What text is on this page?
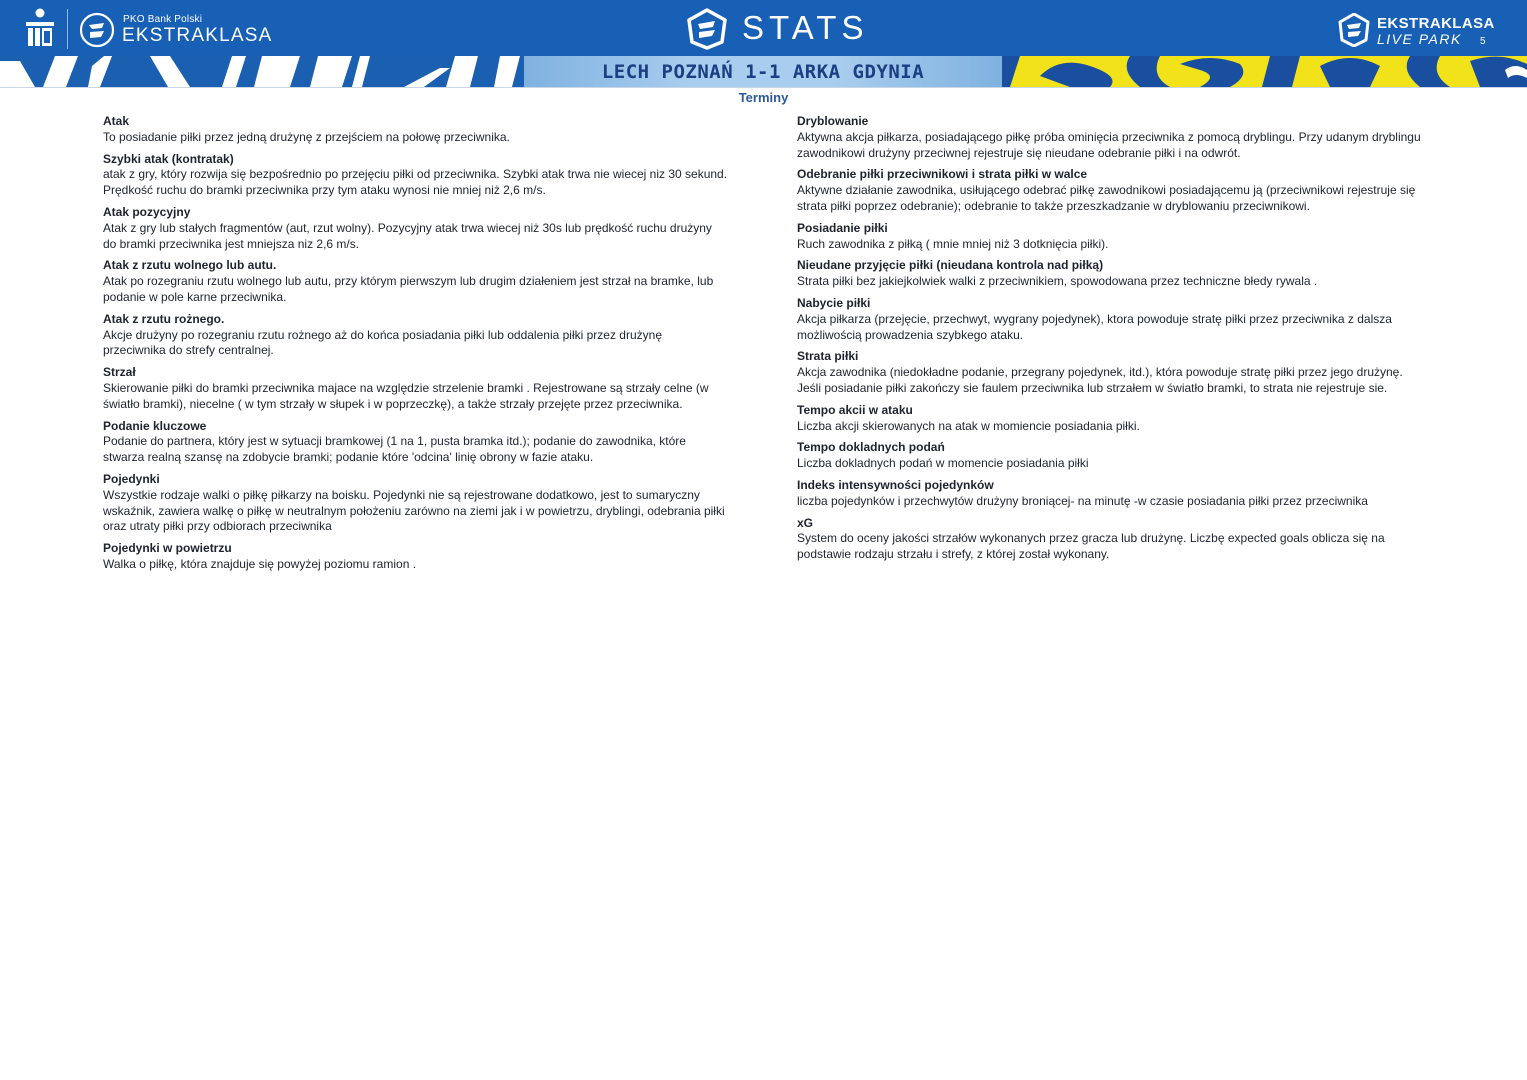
PKO Bank Polski
EKSTRAKLASA	STATS	EKSTRAKLASA
LIVE PARK 5
LECH POZNAŃ 1-1 ARKA GDYNIA
Terminy
Atak
To posiadanie piłki przez jedną drużynę z przejściem na połowę przeciwnika.
Szybki atak (kontratak)
atak z gry, który rozwija się bezpośrednio po przejęciu piłki od przeciwnika. Szybki atak trwa nie wiecej niz 30 sekund. Prędkość ruchu do bramki przeciwnika przy tym ataku wynosi nie mniej niż 2,6 m/s.
Atak pozycyjny
Atak z gry lub stałych fragmentów (aut, rzut wolny). Pozycyjny atak trwa wiecej niż 30s lub prędkość ruchu drużyny do bramki przeciwnika jest mniejsza niz 2,6 m/s.
Atak z rzutu wolnego lub autu.
Atak po rozegraniu rzutu wolnego lub autu, przy którym pierwszym lub drugim działeniem jest strzał na bramke, lub podanie w pole karne przeciwnika.
Atak z rzutu rożnego.
Akcje drużyny po rozegraniu rzutu rożnego aż do końca posiadania piłki lub oddalenia piłki przez drużynę przeciwnika do strefy centralnej.
Strzał
Skierowanie piłki do bramki przeciwnika majace na względzie strzelenie bramki . Rejestrowane są strzały celne (w światło bramki), niecelne ( w tym strzały w słupek i w poprzeczkę), a także strzały przejęte przez przeciwnika.
Podanie kluczowe
Podanie do partnera, który jest w sytuacji bramkowej (1 na 1, pusta bramka itd.); podanie do zawodnika, które stwarza realną szansę na zdobycie bramki; podanie które 'odcina' linię obrony w fazie ataku.
Pojedynki
Wszystkie rodzaje walki o piłkę piłkarzy na boisku. Pojedynki nie są rejestrowane dodatkowo, jest to sumaryczny wskaźnik, zawiera walkę o piłkę w neutralnym położeniu zarówno na ziemi jak i w powietrzu, dryblingi, odebrania piłki oraz utraty piłki przy odbiorach przeciwnika
Pojedynki w powietrzu
Walka o piłkę, która znajduje się powyżej poziomu ramion .
Dryblowanie
Aktywna akcja piłkarza, posiadającego piłkę próba ominięcia przeciwnika z pomocą dryblingu. Przy udanym dryblingu zawodnikowi drużyny przeciwnej rejestruje się nieudane odebranie piłki i na odwrót.
Odebranie piłki przeciwnikowi i strata piłki w walce
Aktywne działanie zawodnika, usiłującego odebrać piłkę zawodnikowi posiadającemu ją (przeciwnikowi rejestruje się strata piłki poprzez odebranie); odebranie to także przeszkadzanie w dryblowaniu przeciwnikowi.
Posiadanie piłki
Ruch zawodnika z piłką ( mnie mniej niż 3 dotknięcia piłki).
Nieudane przyjęcie piłki (nieudana kontrola nad piłką)
Strata piłki bez jakiejkolwiek walki z przeciwnikiem, spowodowana przez techniczne błedy rywala .
Nabycie piłki
Akcja piłkarza (przejęcie, przechwyt, wygrany pojedynek), ktora powoduje stratę piłki przez przeciwnika z dalsza możliwością prowadzenia szybkego ataku.
Strata piłki
Akcja zawodnika (niedokładne podanie, przegrany pojedynek, itd.), która powoduje stratę piłki przez jego drużynę. Jeśli posiadanie piłki zakończy sie faulem przeciwnika lub strzałem w światło bramki, to strata nie rejestruje sie.
Tempo akcii w ataku
Liczba akcji skierowanych na atak w momiencie posiadania piłki.
Tempo dokladnych podań
Liczba dokladnych podań w momencie posiadania piłki
Indeks intensywności pojedynków
liczba pojedynków i przechwytów drużyny broniącej- na minutę -w czasie posiadania piłki przez przeciwnika
xG
System do oceny jakości strzałów wykonanych przez gracza lub drużynę. Liczbę expected goals oblicza się na podstawie rodzaju strzału i strefy, z której został wykonany.
